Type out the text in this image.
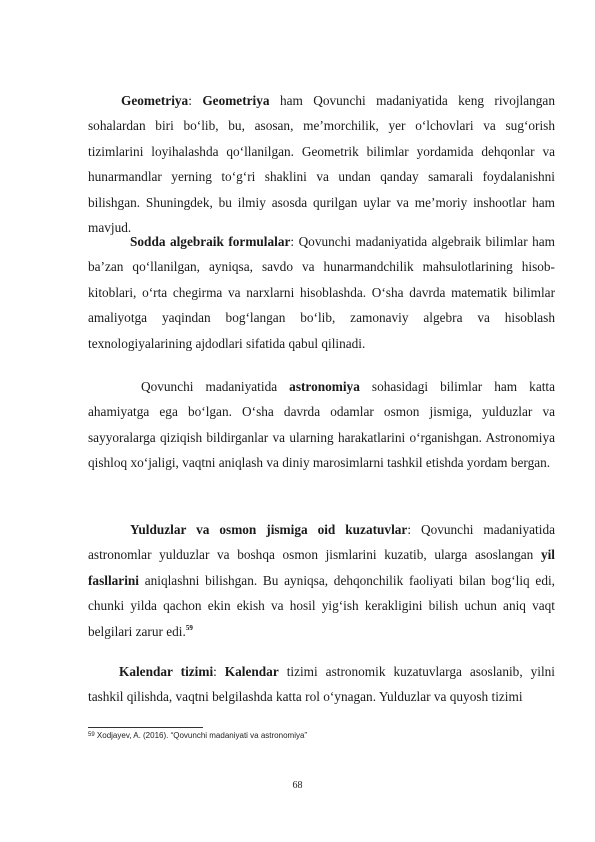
Geometriya: Geometriya ham Qovunchi madaniyatida keng rivojlangan sohalardan biri bo‘lib, bu, asosan, me’morchilik, yer o‘lchovlari va sug‘orish tizimlarini loyihalashda qo‘llanilgan. Geometrik bilimlar yordamida dehqonlar va hunarmandlar yerning to‘g‘ri shaklini va undan qanday samarali foydalanishni bilishgan. Shuningdek, bu ilmiy asosda qurilgan uylar va me’moriy inshootlar ham mavjud.

Sodda algebraik formulalar: Qovunchi madaniyatida algebraik bilimlar ham ba’zan qo‘llanilgan, ayniqsa, savdo va hunarmandchilik mahsulotlarining hisob-kitoblari, o‘rta chegirma va narxlarni hisoblashda. O‘sha davrda matematik bilimlar amaliyotga yaqindan bog‘langan bo‘lib, zamonaviy algebra va hisoblash texnologiyalarining ajdodlari sifatida qabul qilinadi.

Qovunchi madaniyatida astronomiya sohasidagi bilimlar ham katta ahamiyatga ega bo‘lgan. O‘sha davrda odamlar osmon jismiga, yulduzlar va sayyoralarga qiziqish bildirganlar va ularning harakatlarini o‘rganishgan. Astronomiya qishloq xo‘jaligi, vaqtni aniqlash va diniy marosimlarni tashkil etishda yordam bergan.

Yulduzlar va osmon jismiga oid kuzatuvlar: Qovunchi madaniyatida astronomlar yulduzlar va boshqa osmon jismlarini kuzatib, ularga asoslangan yil fasllarini aniqlashni bilishgan. Bu ayniqsa, dehqonchilik faoliyati bilan bog‘liq edi, chunki yilda qachon ekin ekish va hosil yig‘ish kerakligini bilish uchun aniq vaqt belgilari zarur edi.$^{59}$

Kalendar tizimi: Kalendar tizimi astronomik kuzatuvlarga asoslanib, yilni tashkil qilishda, vaqtni belgilashda katta rol o‘ynagan. Yulduzlar va quyosh tizimi

$^{59}$ Xodjayev, A. (2016). “Qovunchi madaniyati va astronomiya”
68
